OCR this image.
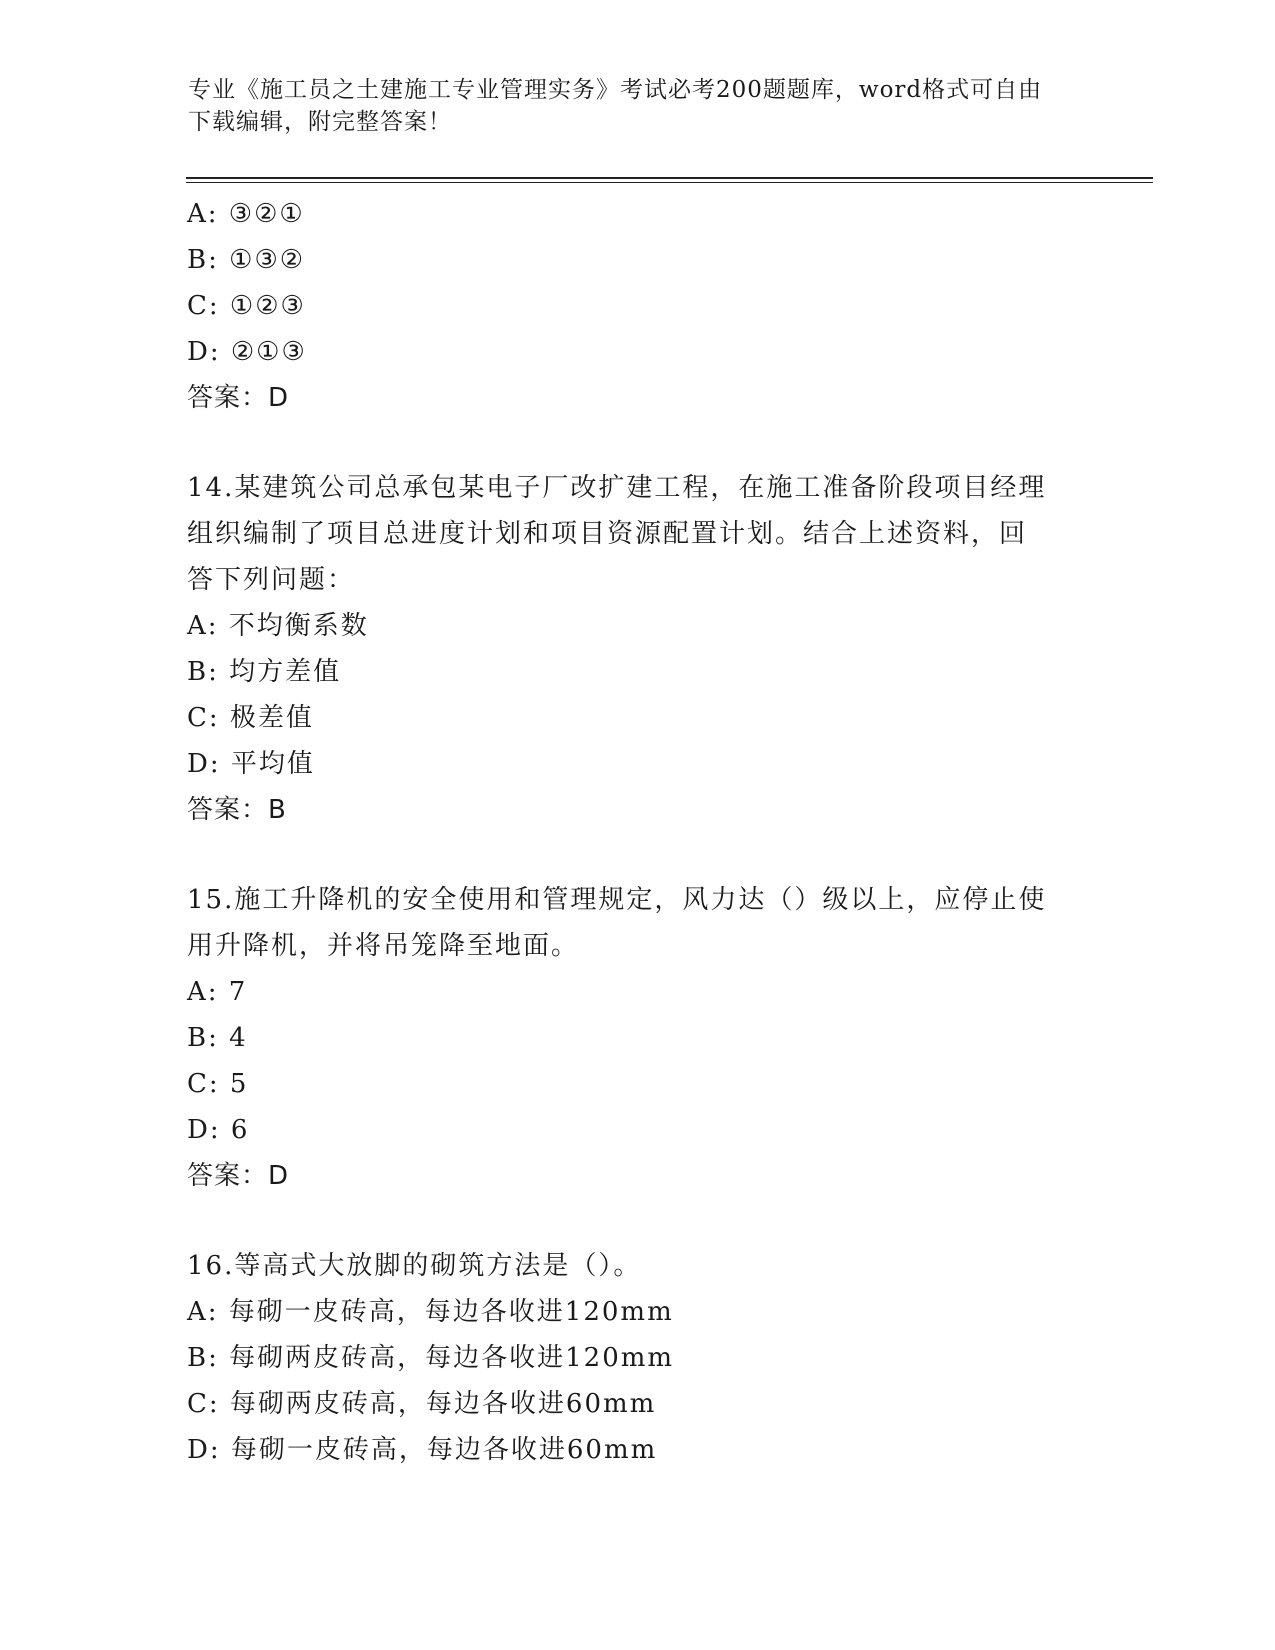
专业《施工员之土建施工专业管理实务》考试必考200题题库，word格式可自由
下载编辑，附完整答案！
A: ③②①
B: ①③②
C: ①②③
D: ②①③
答案：D
14.某建筑公司总承包某电子厂改扩建工程，在施工准备阶段项目经理
组织编制了项目总进度计划和项目资源配置计划。结合上述资料，回
答下列问题：
A: 不均衡系数
B: 均方差值
C: 极差值
D: 平均值
答案：B
15.施工升降机的安全使用和管理规定，风力达（）级以上，应停止使
用升降机，并将吊笼降至地面。
A: 7
B: 4
C: 5
D: 6
答案：D
16.等高式大放脚的砌筑方法是（）。
A: 每砌一皮砖高，每边各收进120mm
B: 每砌两皮砖高，每边各收进120mm
C: 每砌两皮砖高，每边各收进60mm
D: 每砌一皮砖高，每边各收进60mm
